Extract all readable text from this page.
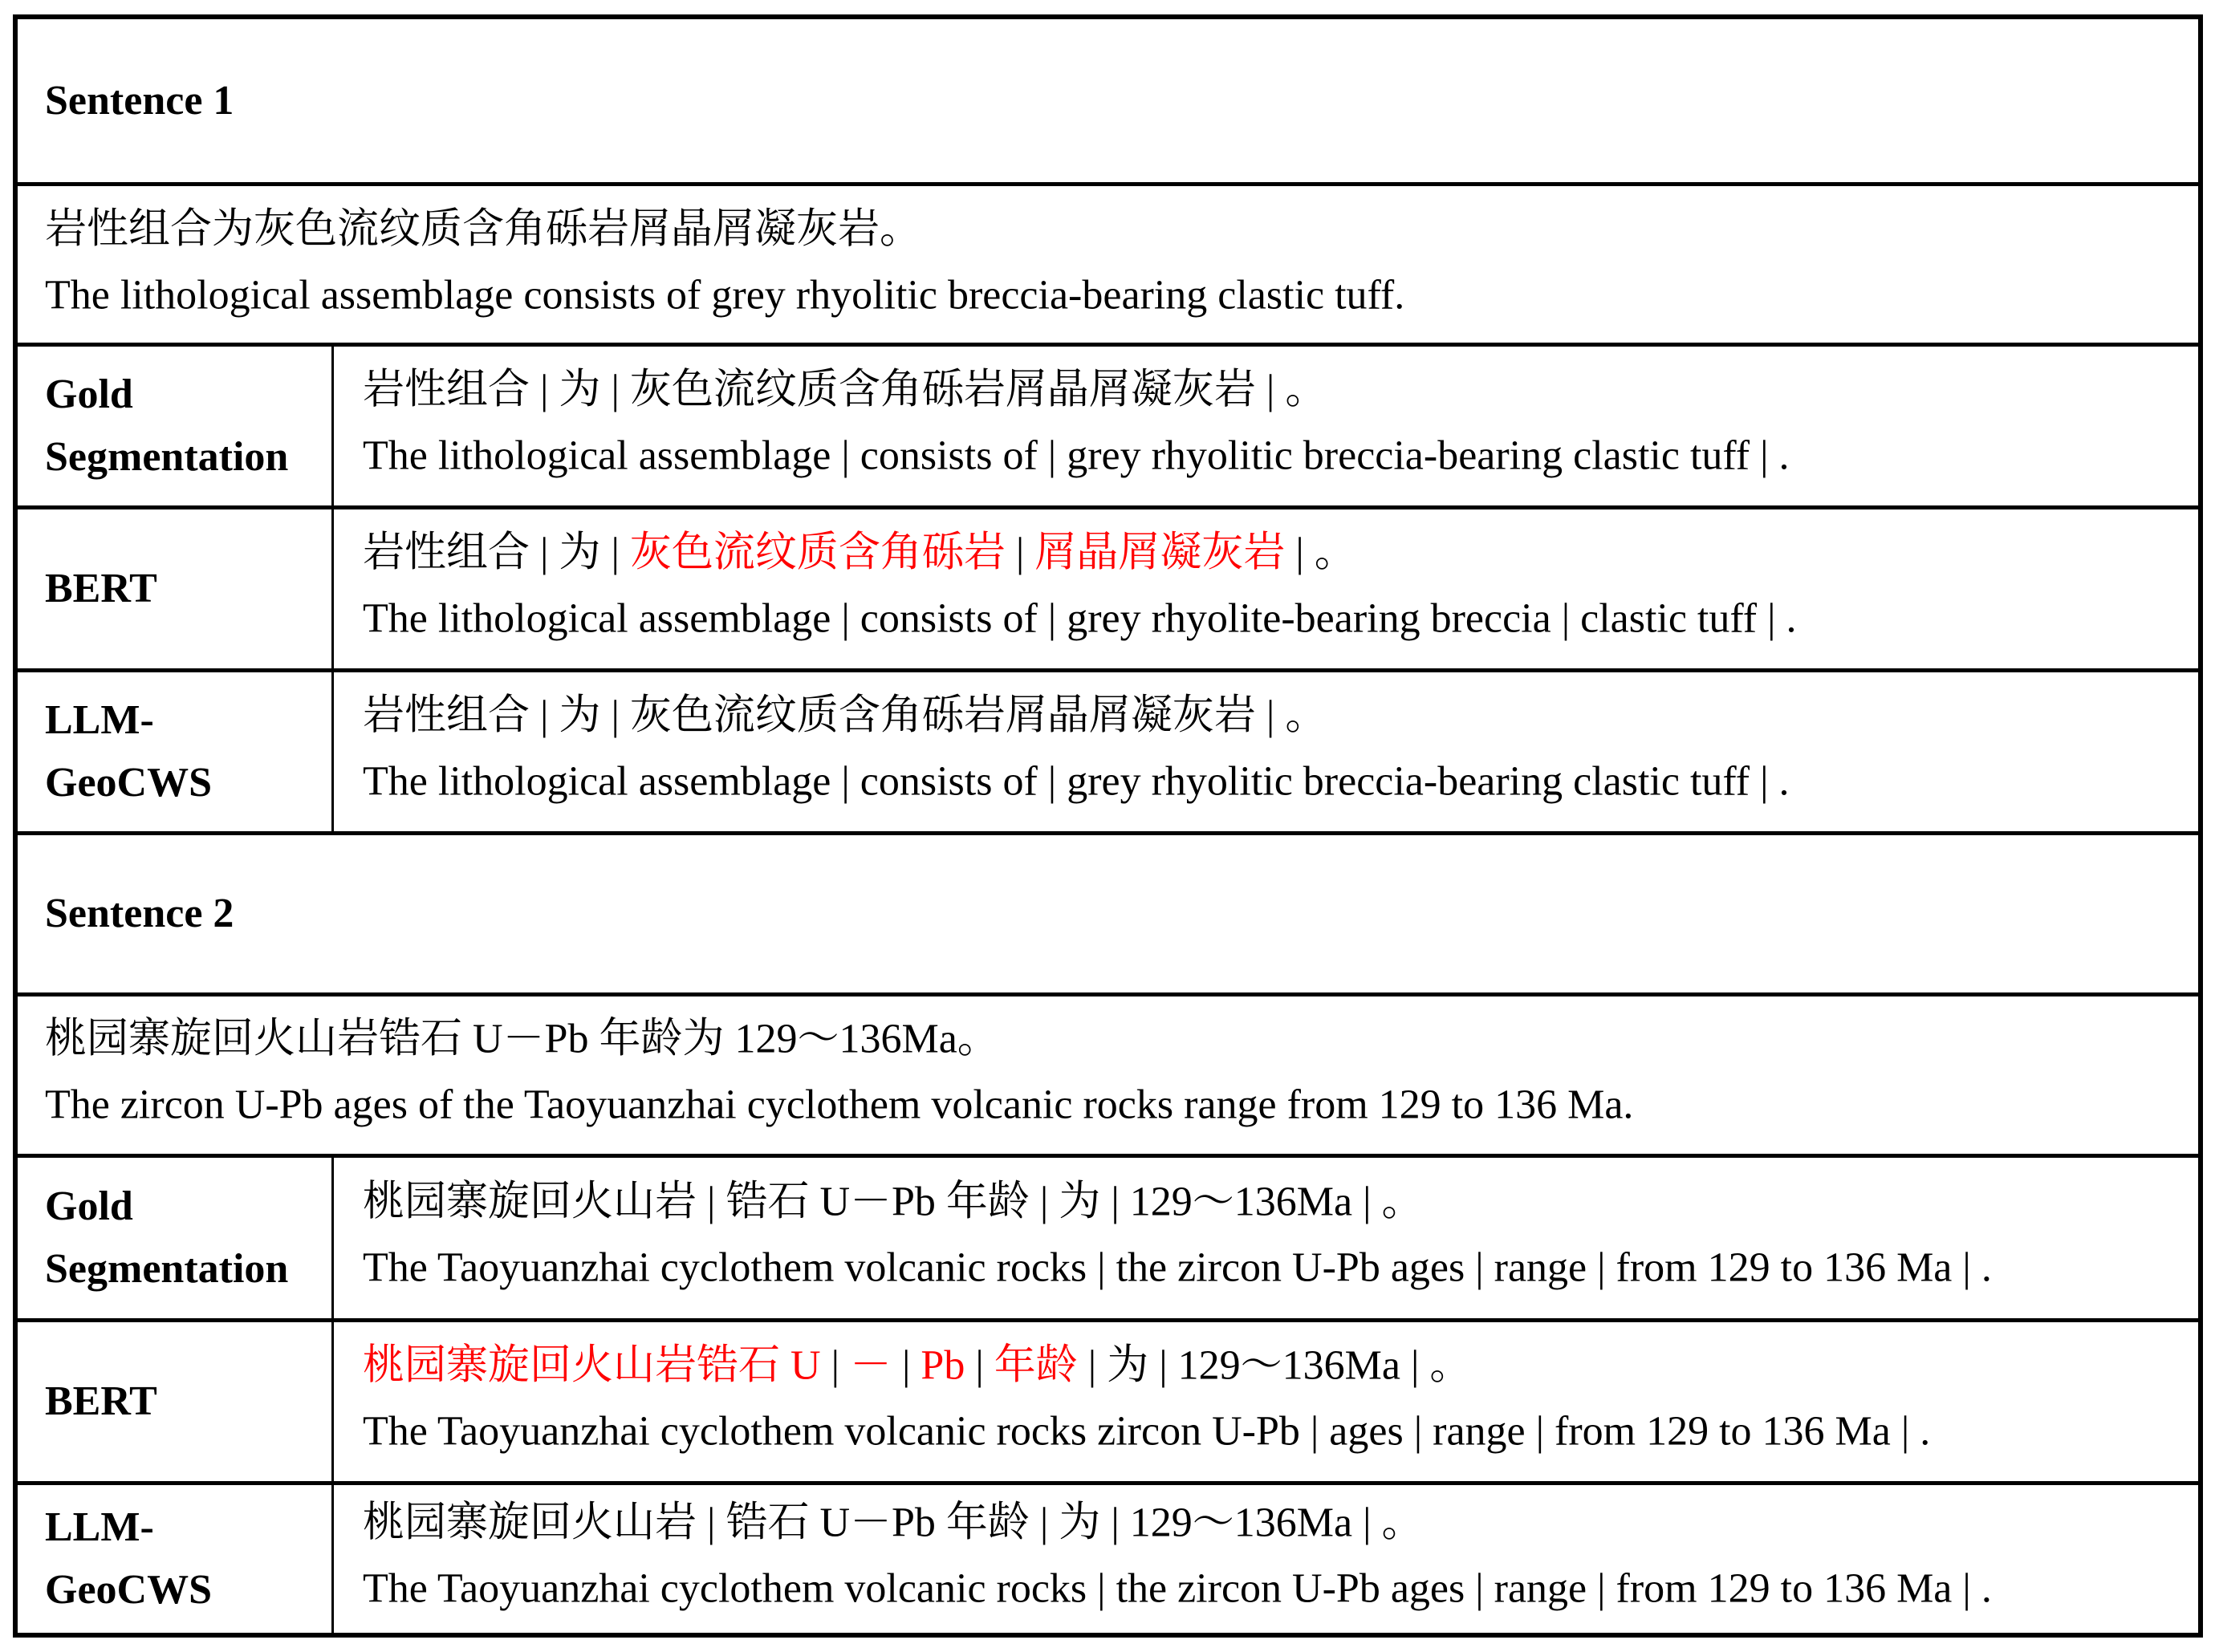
Sentence 1
岩性组合为灰色流纹质含角砾岩屑晶屑凝灰岩。
The lithological assemblage consists of grey rhyolitic breccia-bearing clastic tuff.
Gold
Segmentation
岩性组合 | 为 | 灰色流纹质含角砾岩屑晶屑凝灰岩 | 。
The lithological assemblage | consists of | grey rhyolitic breccia-bearing clastic tuff | .
BERT
岩性组合 | 为 | 灰色流纹质含角砾岩 | 屑晶屑凝灰岩 | 。
The lithological assemblage | consists of | grey rhyolite-bearing breccia | clastic tuff | .
LLM-
GeoCWS
岩性组合 | 为 | 灰色流纹质含角砾岩屑晶屑凝灰岩 | 。
The lithological assemblage | consists of | grey rhyolitic breccia-bearing clastic tuff | .
Sentence 2
桃园寨旋回火山岩锆石 U－Pb 年龄为 129～136Ma。
The zircon U-Pb ages of the Taoyuanzhai cyclothem volcanic rocks range from 129 to 136 Ma.
Gold
Segmentation
桃园寨旋回火山岩 | 锆石 U－Pb 年龄 | 为 | 129～136Ma | 。
The Taoyuanzhai cyclothem volcanic rocks | the zircon U-Pb ages | range | from 129 to 136 Ma | .
BERT
桃园寨旋回火山岩锆石 U | － | Pb | 年龄 | 为 | 129～136Ma | 。
The Taoyuanzhai cyclothem volcanic rocks zircon U-Pb | ages | range | from 129 to 136 Ma | .
LLM-
GeoCWS
桃园寨旋回火山岩 | 锆石 U－Pb 年龄 | 为 | 129～136Ma | 。
The Taoyuanzhai cyclothem volcanic rocks | the zircon U-Pb ages | range | from 129 to 136 Ma | .
